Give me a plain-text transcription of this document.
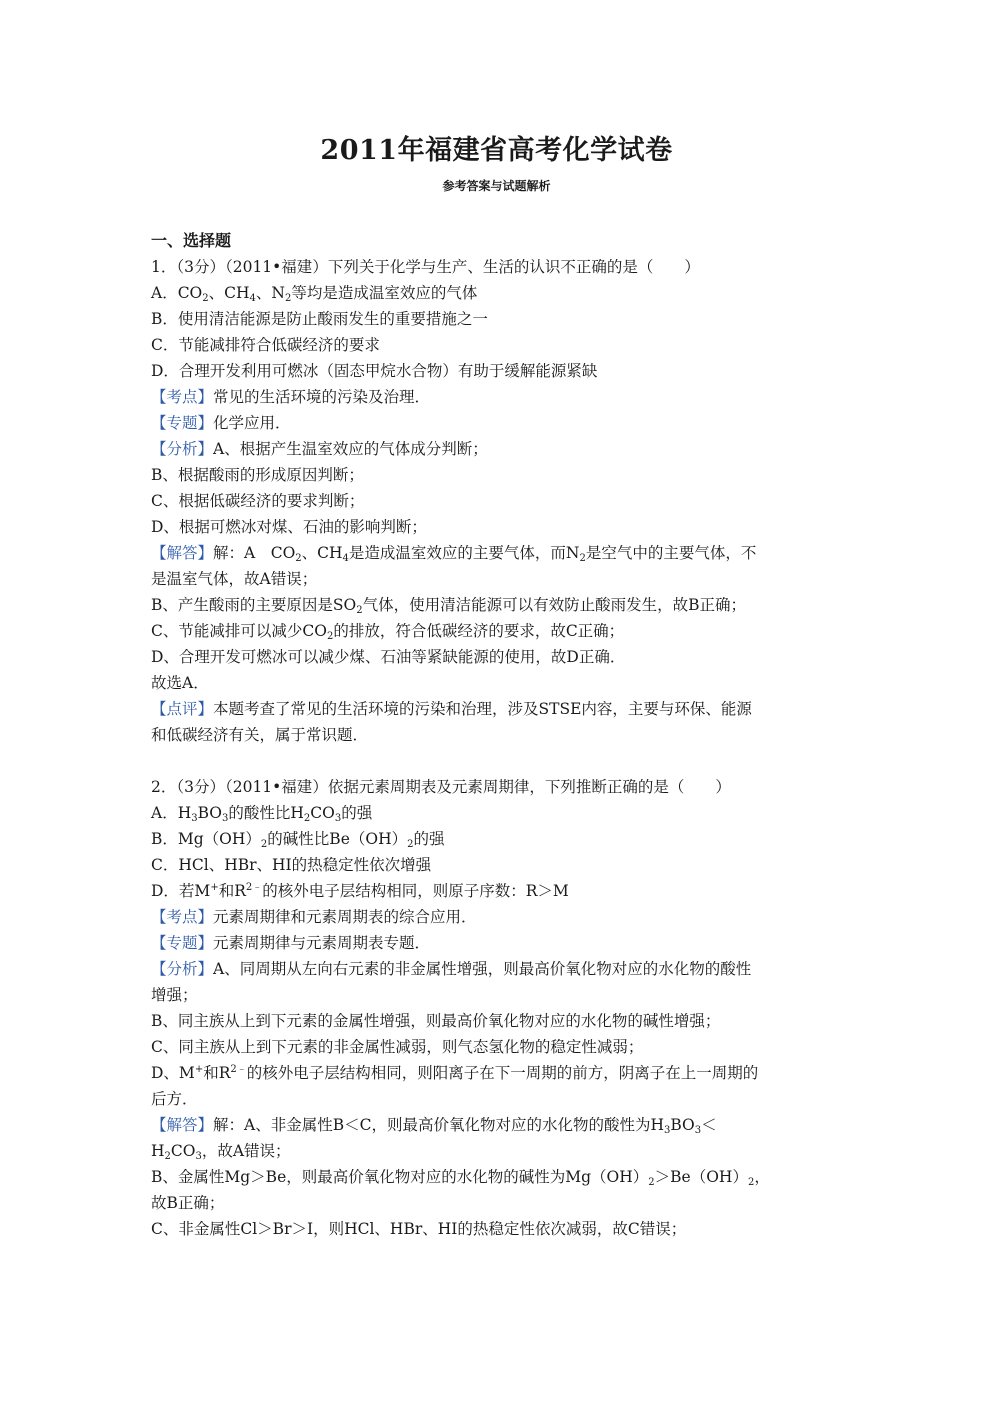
2011年福建省高考化学试卷
参考答案与试题解析
一、选择题
1．（3分）（2011•福建）下列关于化学与生产、生活的认识不正确的是（　　）
A．$CO_2$、$CH_4$、$N_2$等均是造成温室效应的气体
B．使用清洁能源是防止酸雨发生的重要措施之一
C．节能减排符合低碳经济的要求
D．合理开发利用可燃冰（固态甲烷水合物）有助于缓解能源紧缺
【考点】常见的生活环境的污染及治理．
【专题】化学应用．
【分析】A、根据产生温室效应的气体成分判断；
B、根据酸雨的形成原因判断；
C、根据低碳经济的要求判断；
D、根据可燃冰对煤、石油的影响判断；
【解答】解：A　$CO_2$、$CH_4$是造成温室效应的主要气体，而$N_2$是空气中的主要气体，不
是温室气体，故A错误；
B、产生酸雨的主要原因是$SO_2$气体，使用清洁能源可以有效防止酸雨发生，故B正确；
C、节能减排可以减少$CO_2$的排放，符合低碳经济的要求，故C正确；
D、合理开发可燃冰可以减少煤、石油等紧缺能源的使用，故D正确．
故选A．
【点评】本题考查了常见的生活环境的污染和治理，涉及STSE内容，主要与环保、能源
和低碳经济有关，属于常识题．
2．（3分）（2011•福建）依据元素周期表及元素周期律，下列推断正确的是（　　）
A．$H_3BO_3$的酸性比$H_2CO_3$的强
B．$Mg(OH)_2$的碱性比$Be(OH)_2$的强
C．HCl、HBr、HI的热稳定性依次增强
D．若M+和$R^{2﹣}$的核外电子层结构相同，则原子序数：R＞M
【考点】元素周期律和元素周期表的综合应用．
【专题】元素周期律与元素周期表专题．
【分析】A、同周期从左向右元素的非金属性增强，则最高价氧化物对应的水化物的酸性
增强；
B、同主族从上到下元素的金属性增强，则最高价氧化物对应的水化物的碱性增强；
C、同主族从上到下元素的非金属性减弱，则气态氢化物的稳定性减弱；
D、M+和$R^{2﹣}$的核外电子层结构相同，则阳离子在下一周期的前方，阴离子在上一周期的
后方．
【解答】解：A、非金属性B＜C，则最高价氧化物对应的水化物的酸性为$H_3BO_3<$
$H_2CO_3$，故A错误；
B、金属性Mg＞Be，则最高价氧化物对应的水化物的碱性为$Mg(OH)_2>Be(OH)_2$，
故B正确；
C、非金属性Cl＞Br＞I，则HCl、HBr、HI的热稳定性依次减弱，故C错误；
